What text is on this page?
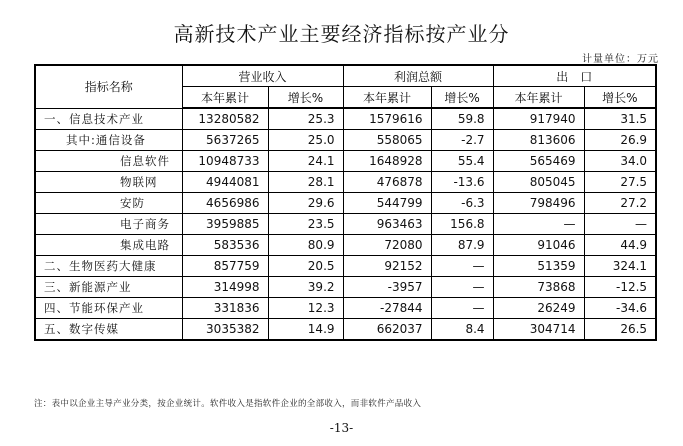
高新技术产业主要经济指标按产业分
计量单位：万元
指标名称	营业收入		利润总额		出　口	
	本年累计	增长%	本年累计	增长%	本年累计	增长%
一、信息技术产业	13280582	25.3	1579616	59.8	917940	31.5
其中:通信设备	5637265	25.0	558065	-2.7	813606	26.9
信息软件	10948733	24.1	1648928	55.4	565469	34.0
物联网	4944081	28.1	476878	-13.6	805045	27.5
安防	4656986	29.6	544799	-6.3	798496	27.2
电子商务	3959885	23.5	963463	156.8	—	—
集成电路	583536	80.9	72080	87.9	91046	44.9
二、生物医药大健康	857759	20.5	92152	—	51359	324.1
三、新能源产业	314998	39.2	-3957	—	73868	-12.5
四、节能环保产业	331836	12.3	-27844	—	26249	-34.6
五、数字传媒	3035382	14.9	662037	8.4	304714	26.5
注：表中以企业主导产业分类，按企业统计。软件收入是指软件企业的全部收入，而非软件产品收入
-13-
